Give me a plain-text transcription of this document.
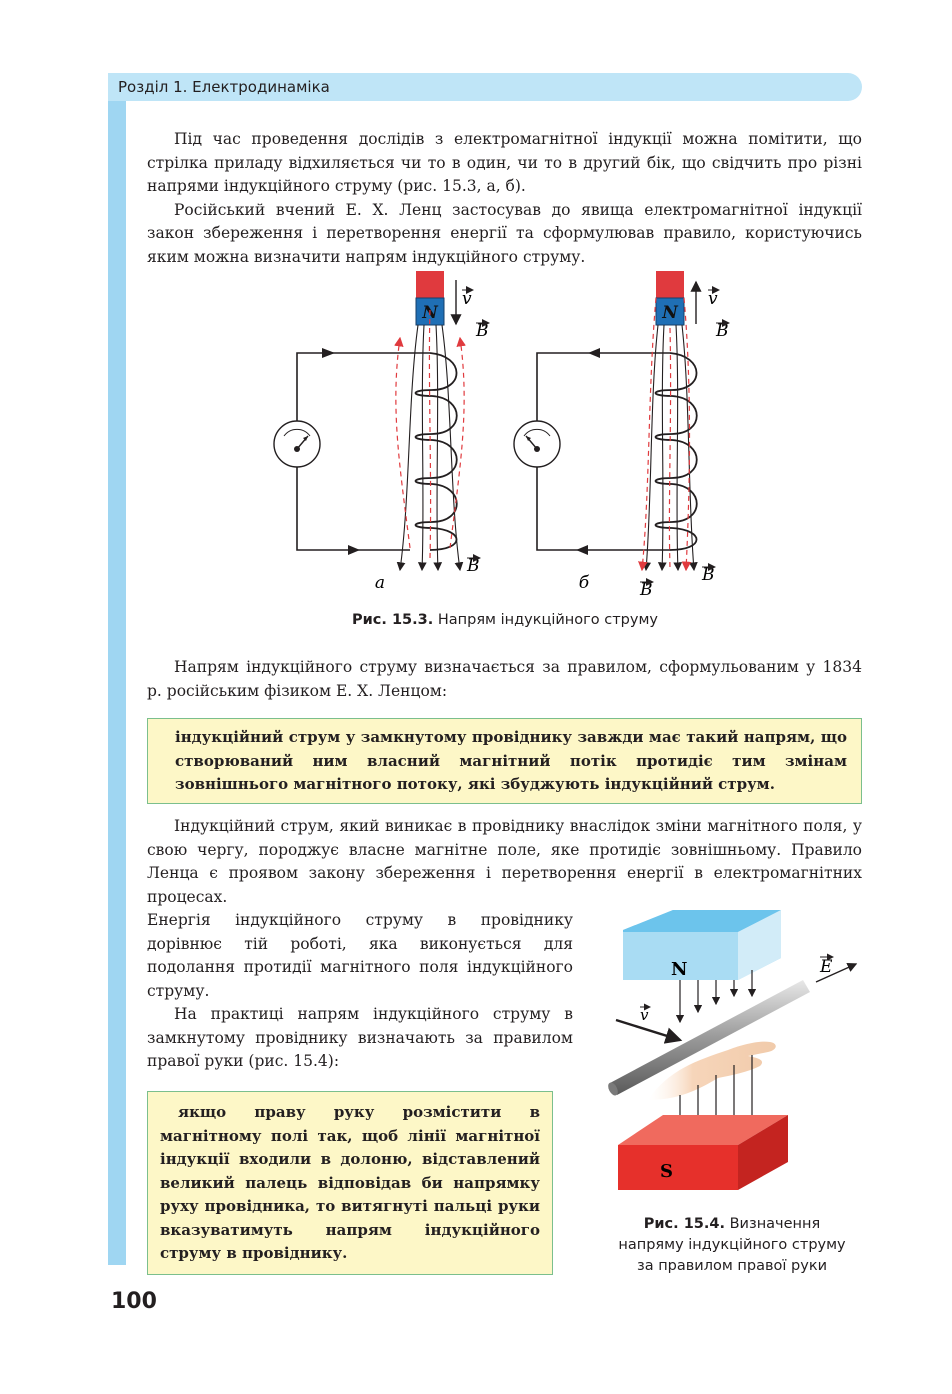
Розділ 1. Електродинаміка

Під час проведення дослідів з електромагнітної індукції можна помітити, що стрілка приладу відхиляється чи то в один, чи то в другий бік, що свідчить про різні напрями індукційного струму (рис. 15.3, а, б).

Російський вчений Е. Х. Ленц застосував до явища електромагнітної індукції закон збереження і перетворення енергії та сформулював правило, користуючись яким можна визначити напрям індукційного струму.

N
v
B
B
а
N
v
B
B
B
б
Рис. 15.3. Напрям індукційного струму

Напрям індукційного струму визначається за правилом, сформульованим у 1834 р. російським фізиком Е. Х. Ленцом:

індукційний струм у замкнутому провіднику завжди має такий напрям, що створюваний ним власний магнітний потік протидіє тим змінам зовнішнього магнітного потоку, які збуджують індукційний струм.

Індукційний струм, який виникає в провіднику внаслідок зміни магнітного поля, у свою чергу, породжує власне магнітне поле, яке протидіє зовнішньому. Правило Ленца є проявом закону збереження і перетворення енергії в електромагнітних процесах.

Енергія індукційного струму в провіднику дорівнює тій роботі, яка виконується для подолання протидії магнітного поля індукційного струму.

На практиці напрям індукційного струму в замкнутому провіднику визначають за правилом правої руки (рис. 15.4):

якщо праву руку розмістити в магнітному полі так, щоб лінії магнітної індукції входили в долоню, відставлений великий палець відповідав би напрямку руху провідника, то витягнуті пальці руки вказуватимуть напрям індукційного струму в провіднику.

N
S
v
E
Рис. 15.4. Визначення
напряму індукційного струму
за правилом правої руки
100
